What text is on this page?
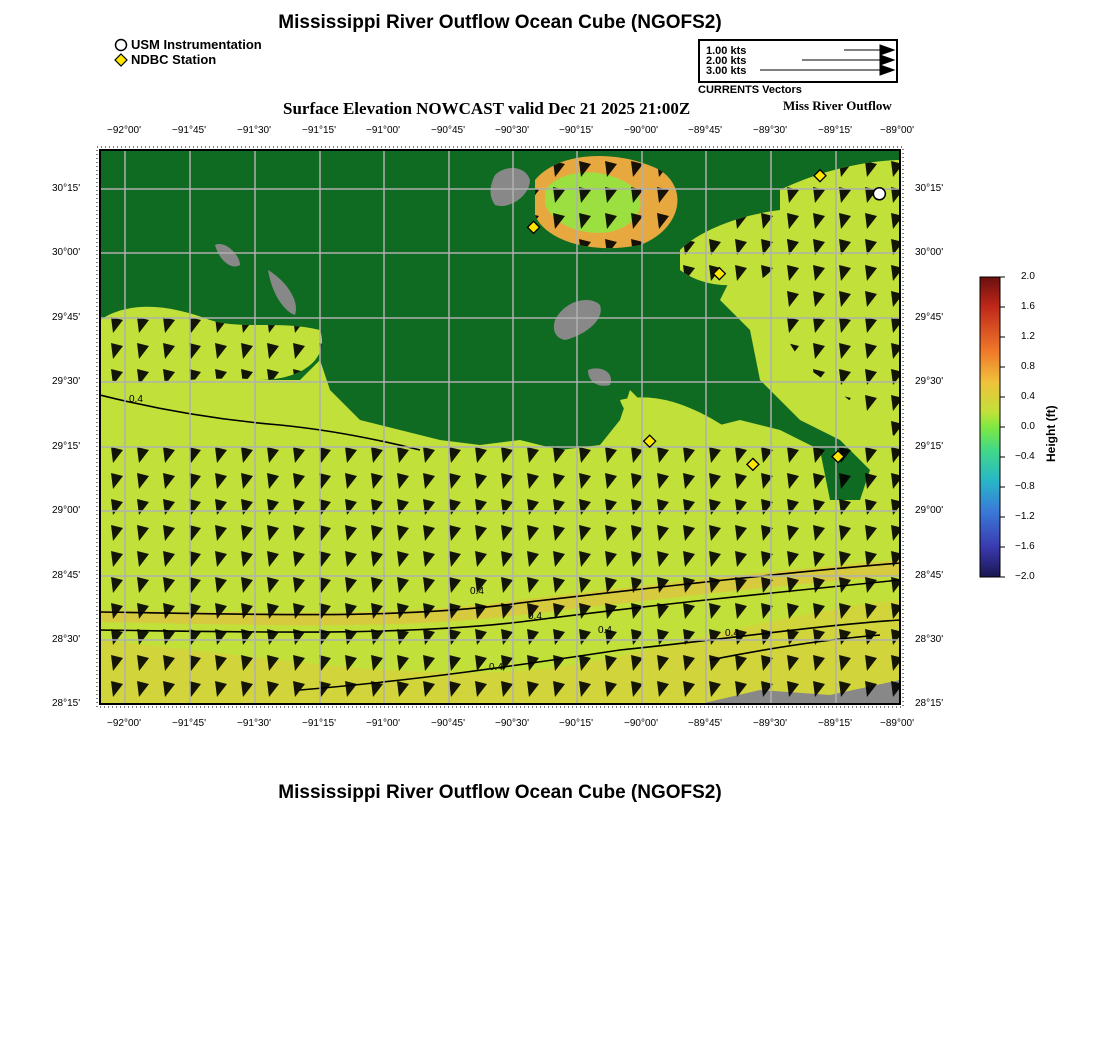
Mississippi River Outflow Ocean Cube (NGOFS2)
USM Instrumentation
NDBC Station
1.00 kts
2.00 kts
3.00 kts
CURRENTS Vectors
Surface Elevation NOWCAST valid Dec 21 2025 21:00Z	Miss River Outflow
0.4
0.4
0.4
0.4	0.4
0.4
−92°00'	−91°45'	−91°30'	−91°15'	−91°00'	−90°45'	−90°30'	−90°15'	−90°00'	−89°45'	−89°30'	−89°15'	−89°00'
−92°00'	−91°45'	−91°30'	−91°15'	−91°00'	−90°45'	−90°30'	−90°15'	−90°00'	−89°45'	−89°30'	−89°15'	−89°00'
30°15'
30°00'
29°45'
29°30'
29°15'
29°00'
28°45'
28°30'
28°15'
30°15'
30°00'
29°45'
29°30'
29°15'
29°00'
28°45'
28°30'
28°15'
2.0
1.6
1.2
0.8
0.4
0.0
−0.4
−0.8
−1.2
−1.6
−2.0
Height (ft)
Mississippi River Outflow Ocean Cube (NGOFS2)
